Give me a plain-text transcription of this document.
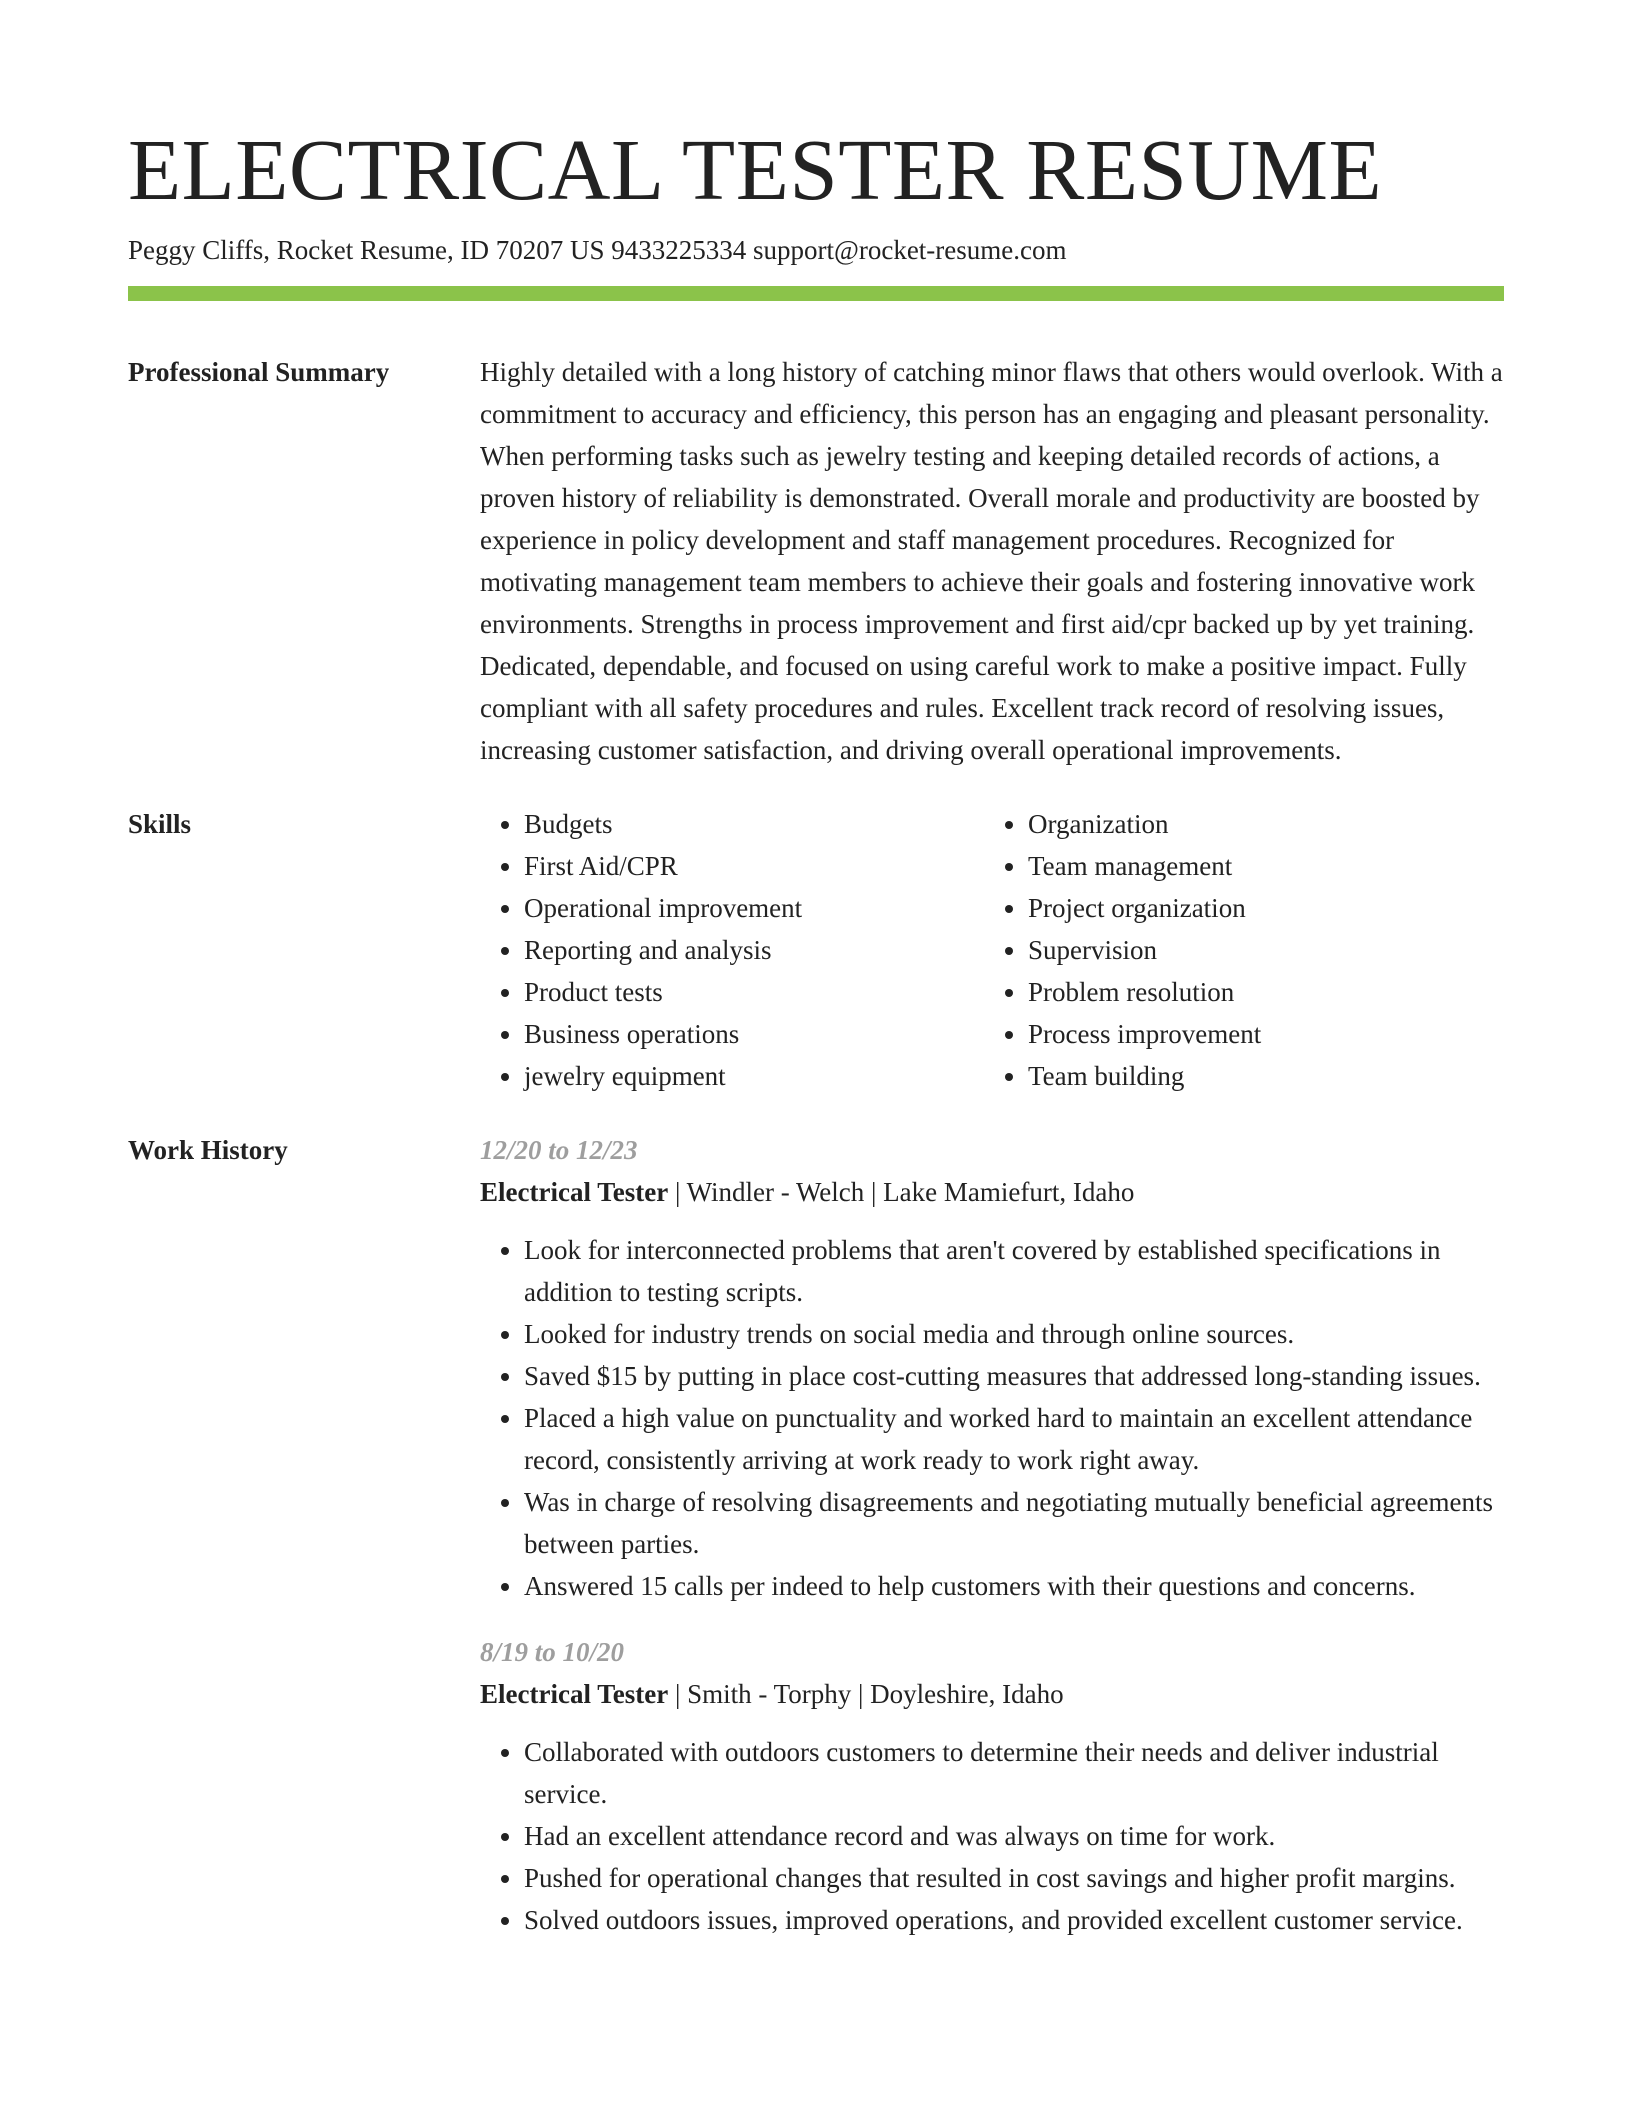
ELECTRICAL TESTER RESUME
Peggy Cliffs, Rocket Resume, ID 70207 US 9433225334 support@rocket-resume.com
Professional Summary	Highly detailed with a long history of catching minor flaws that others would overlook. With a commitment to accuracy and efficiency, this person has an engaging and pleasant personality. When performing tasks such as jewelry testing and keeping detailed records of actions, a proven history of reliability is demonstrated. Overall morale and productivity are boosted by experience in policy development and staff management procedures. Recognized for motivating management team members to achieve their goals and fostering innovative work environments. Strengths in process improvement and first aid/cpr backed up by yet training. Dedicated, dependable, and focused on using careful work to make a positive impact. Fully compliant with all safety procedures and rules. Excellent track record of resolving issues, increasing customer satisfaction, and driving overall operational improvements.

Skills
•	Budgets
• First Aid/CPR
• Operational improvement
• Reporting and analysis
• Product tests
• Business operations
• jewelry equipment
• Organization
• Team management
• Project organization
• Supervision
• Problem resolution
• Process improvement
• Team building
Work History	12/20 to 12/23
Electrical Tester | Windler - Welch | Lake Mamiefurt, Idaho
• Look for interconnected problems that aren't covered by established specifications in addition to testing scripts.
• Looked for industry trends on social media and through online sources.
• Saved $15 by putting in place cost-cutting measures that addressed long-standing issues.
• Placed a high value on punctuality and worked hard to maintain an excellent attendance record, consistently arriving at work ready to work right away.
• Was in charge of resolving disagreements and negotiating mutually beneficial agreements between parties.
• Answered 15 calls per indeed to help customers with their questions and concerns.
8/19 to 10/20
Electrical Tester | Smith - Torphy | Doyleshire, Idaho
• Collaborated with outdoors customers to determine their needs and deliver industrial service.
• Had an excellent attendance record and was always on time for work.
• Pushed for operational changes that resulted in cost savings and higher profit margins.
• Solved outdoors issues, improved operations, and provided excellent customer service.
